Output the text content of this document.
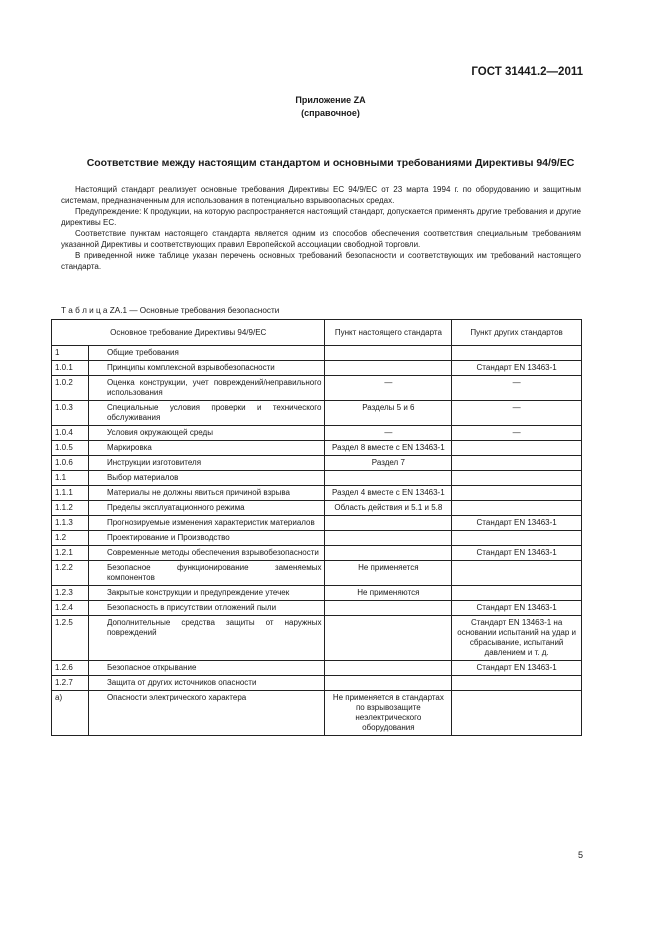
ГОСТ 31441.2—2011
Приложение ZA
(справочное)
Соответствие между настоящим стандартом и основными требованиями Директивы 94/9/EC

Настоящий стандарт реализует основные требования Директивы ЕС 94/9/ЕС от 23 марта 1994 г. по оборудованию и защитным системам, предназначенным для использования в потенциально взрывоопасных средах.

Предупреждение: К продукции, на которую распространяется настоящий стандарт, допускается применять другие требования и другие директивы ЕС.

Соответствие пунктам настоящего стандарта является одним из способов обеспечения соответствия специальным требованиям указанной Директивы и соответствующих правил Европейской ассоциации свободной торговли.

В приведенной ниже таблице указан перечень основных требований безопасности и соответствующих им требований настоящего стандарта.

Т а б л и ц а ZA.1 — Основные требования безопасности
Основное требование Директивы 94/9/EC		Пункт настоящего стандарта	Пункт других стандартов
1	Общие требования		
1.0.1	Принципы комплексной взрывобезопасности		Стандарт EN 13463-1
1.0.2	Оценка конструкции, учет повреждений/неправильного использования	—	—
1.0.3	Специальные условия проверки и технического обслуживания	Разделы 5 и 6	—
1.0.4	Условия окружающей среды	—	—
1.0.5	Маркировка	Раздел 8 вместе с EN 13463-1	
1.0.6	Инструкции изготовителя	Раздел 7	
1.1	Выбор материалов		
1.1.1	Материалы не должны явиться причиной взрыва	Раздел 4 вместе с EN 13463-1	
1.1.2	Пределы эксплуатационного режима	Область действия и 5.1 и 5.8	
1.1.3	Прогнозируемые изменения характеристик материалов		Стандарт EN 13463-1
1.2	Проектирование и Производство		
1.2.1	Современные методы обеспечения взрывобезопасности		Стандарт EN 13463-1
1.2.2	Безопасное функционирование заменяемых компонентов	Не применяется	
1.2.3	Закрытые конструкции и предупреждение утечек	Не применяются	
1.2.4	Безопасность в присутствии отложений пыли		Стандарт EN 13463-1
1.2.5	Дополнительные средства защиты от наружных повреждений		Стандарт EN 13463-1 на основании испытаний на удар и сбрасывание, испытаний давлением и т. д.
1.2.6	Безопасное открывание		Стандарт EN 13463-1
1.2.7	Защита от других источников опасности		
а)	Опасности электрического характера	Не применяется в стандартах по взрывозащите неэлектрического оборудования	
5
